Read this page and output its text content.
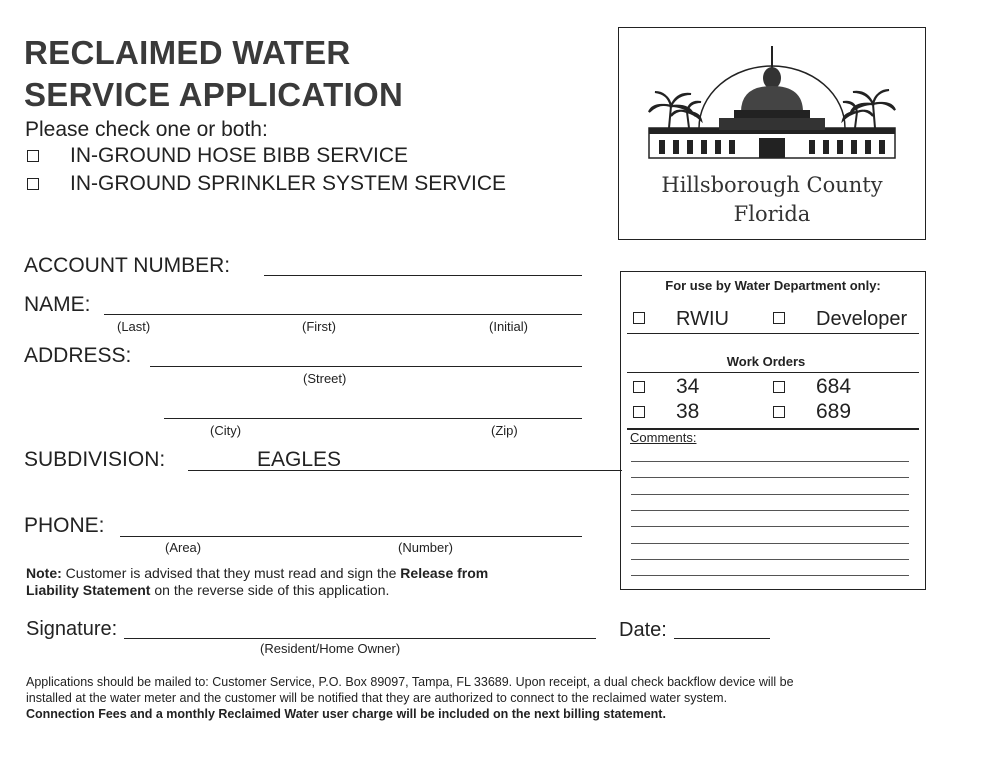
RECLAIMED WATER
SERVICE APPLICATION
Please check one or both:
IN-GROUND HOSE BIBB SERVICE
IN-GROUND SPRINKLER SYSTEM SERVICE	Hillsborough County
Florida
ACCOUNT NUMBER:
NAME:
(Last)	(First)	(Initial)
ADDRESS:
(Street)
(City)	(Zip)
SUBDIVISION:	EAGLES
PHONE:
(Area)	(Number)
Note: Customer is advised that they must read and sign the Release from
Liability Statement on the reverse side of this application.
Signature:
(Resident/Home Owner)
Date:
For use by Water Department only:
RWIU	Developer
Work Orders
34	684
38	689
Comments:
Applications should be mailed to: Customer Service, P.O. Box 89097, Tampa, FL 33689. Upon receipt, a dual check backflow device will be
installed at the water meter and the customer will be notified that they are authorized to connect to the reclaimed water system.
Connection Fees and a monthly Reclaimed Water user charge will be included on the next billing statement.
